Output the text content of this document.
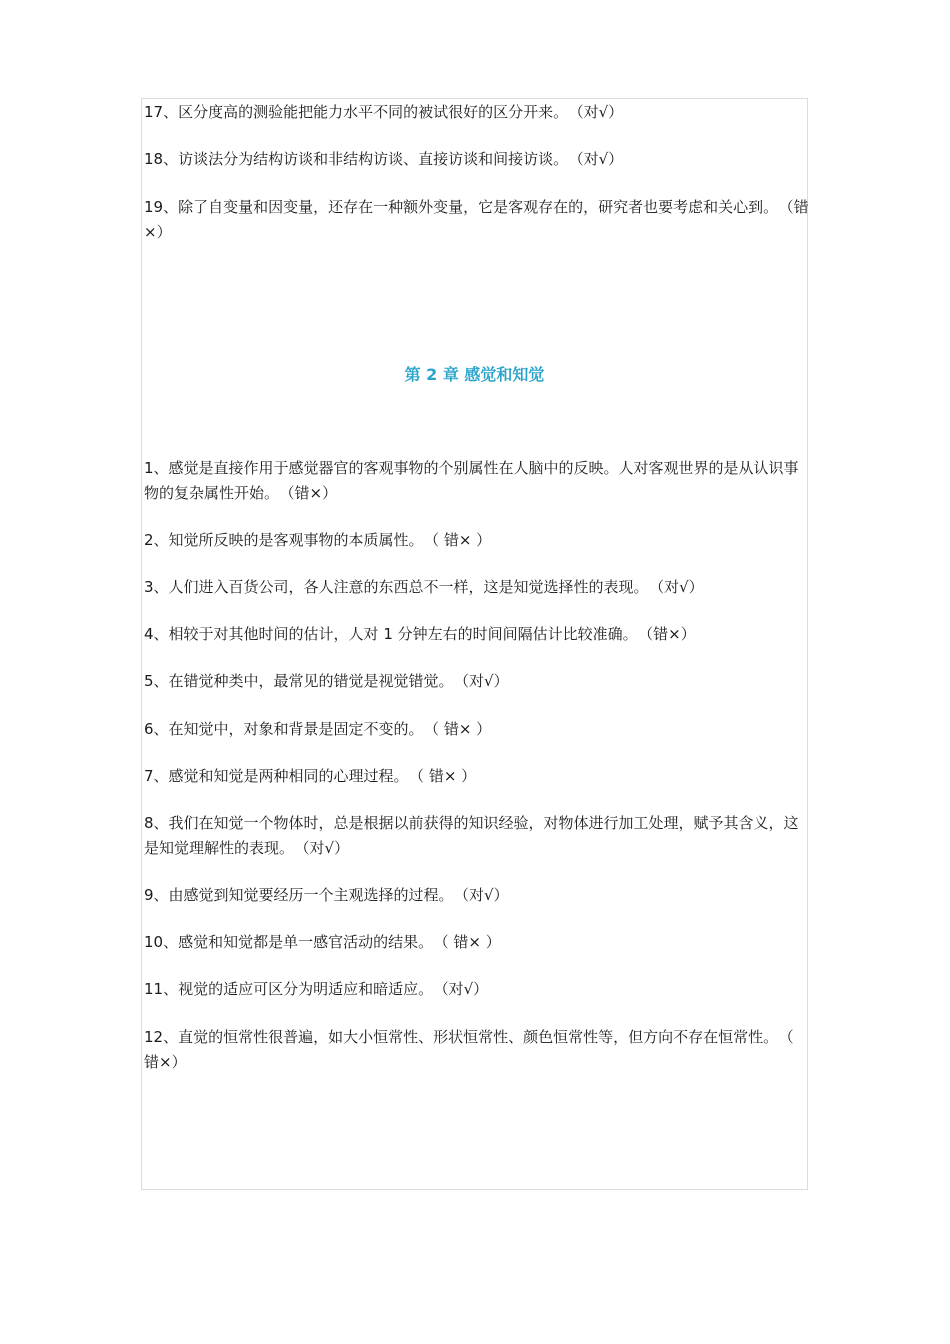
17、区分度高的测验能把能力水平不同的被试很好的区分开来。 （对√）

18、访谈法分为结构访谈和非结构访谈、直接访谈和间接访谈。 （对√）

19、除了自变量和因变量，还存在一种额外变量，它是客观存在的，研究者也要考虑和关心到。 （错×）

第 2 章 感觉和知觉

1、感觉是直接作用于感觉器官的客观事物的个别属性在人脑中的反映。人对客观世界的是从认识事物的复杂属性开始。 （错×）

2、知觉所反映的是客观事物的本质属性。 （ 错× ）

3、人们进入百货公司，各人注意的东西总不一样，这是知觉选择性的表现。 （对√）

4、相较于对其他时间的估计，人对 1 分钟左右的时间间隔估计比较准确。 （错×）

5、在错觉种类中，最常见的错觉是视觉错觉。 （对√）

6、在知觉中，对象和背景是固定不变的。 （ 错× ）

7、感觉和知觉是两种相同的心理过程。 （ 错× ）

8、我们在知觉一个物体时，总是根据以前获得的知识经验，对物体进行加工处理，赋予其含义，这是知觉理解性的表现。 （对√）

9、由感觉到知觉要经历一个主观选择的过程。 （对√）

10、感觉和知觉都是单一感官活动的结果。 （ 错× ）

11、视觉的适应可区分为明适应和暗适应。 （对√）

12、直觉的恒常性很普遍，如大小恒常性、形状恒常性、颜色恒常性等，但方向不存在恒常性。 （ 错×）
